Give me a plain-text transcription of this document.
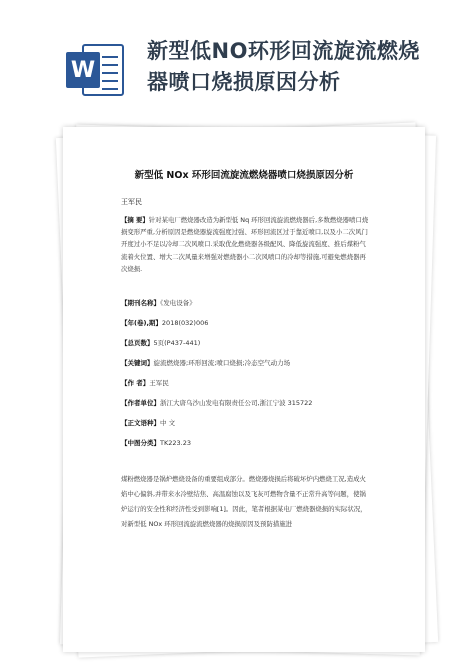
W
新型低NO环形回流旋流燃烧
器喷口烧损原因分析
新型低 NOx 环形回流旋流燃烧器喷口烧损原因分析
王军民
【摘 要】针对某电厂燃烧器改造为新型低 Nq 环形回流旋流燃烧器后,多数燃烧器喷口烧损变形严重,分析原因是燃烧器旋流强度过强、环形回流区过于靠近喷口,以及小二次风门开度过小不足以冷却二次风喷口.采取优化燃烧器各级配风、降低旋流强度、推后煤粉气流着火位置、增大二次风量来增强对燃烧器小二次风喷口的冷却等措施,可避免燃烧器再次烧损.
【期刊名称】《发电设备》
【年(卷),期】2018(032)006
【总页数】5页(P437-441)
【关键词】旋流燃烧器;环形回流;喷口烧损;冷态空气动力场
【作 者】王军民
【作者单位】浙江大唐乌沙山发电有限责任公司,浙江宁波 315722
【正文语种】中 文
【中图分类】TK223.23
煤粉燃烧器是锅炉燃烧设备的重要组成部分。燃烧器烧损后将破坏炉内燃烧工况,造成火焰中心偏斜,并带来水冷壁结焦、高温腐蚀以及飞灰可燃物含量不正常升高等问题，使锅炉运行的安全性和经济性受到影响[1]。因此，笔者根据某电厂燃烧器烧损的实际状况，对新型低 NOx 环形回流旋流燃烧器的烧损原因及预防措施进
